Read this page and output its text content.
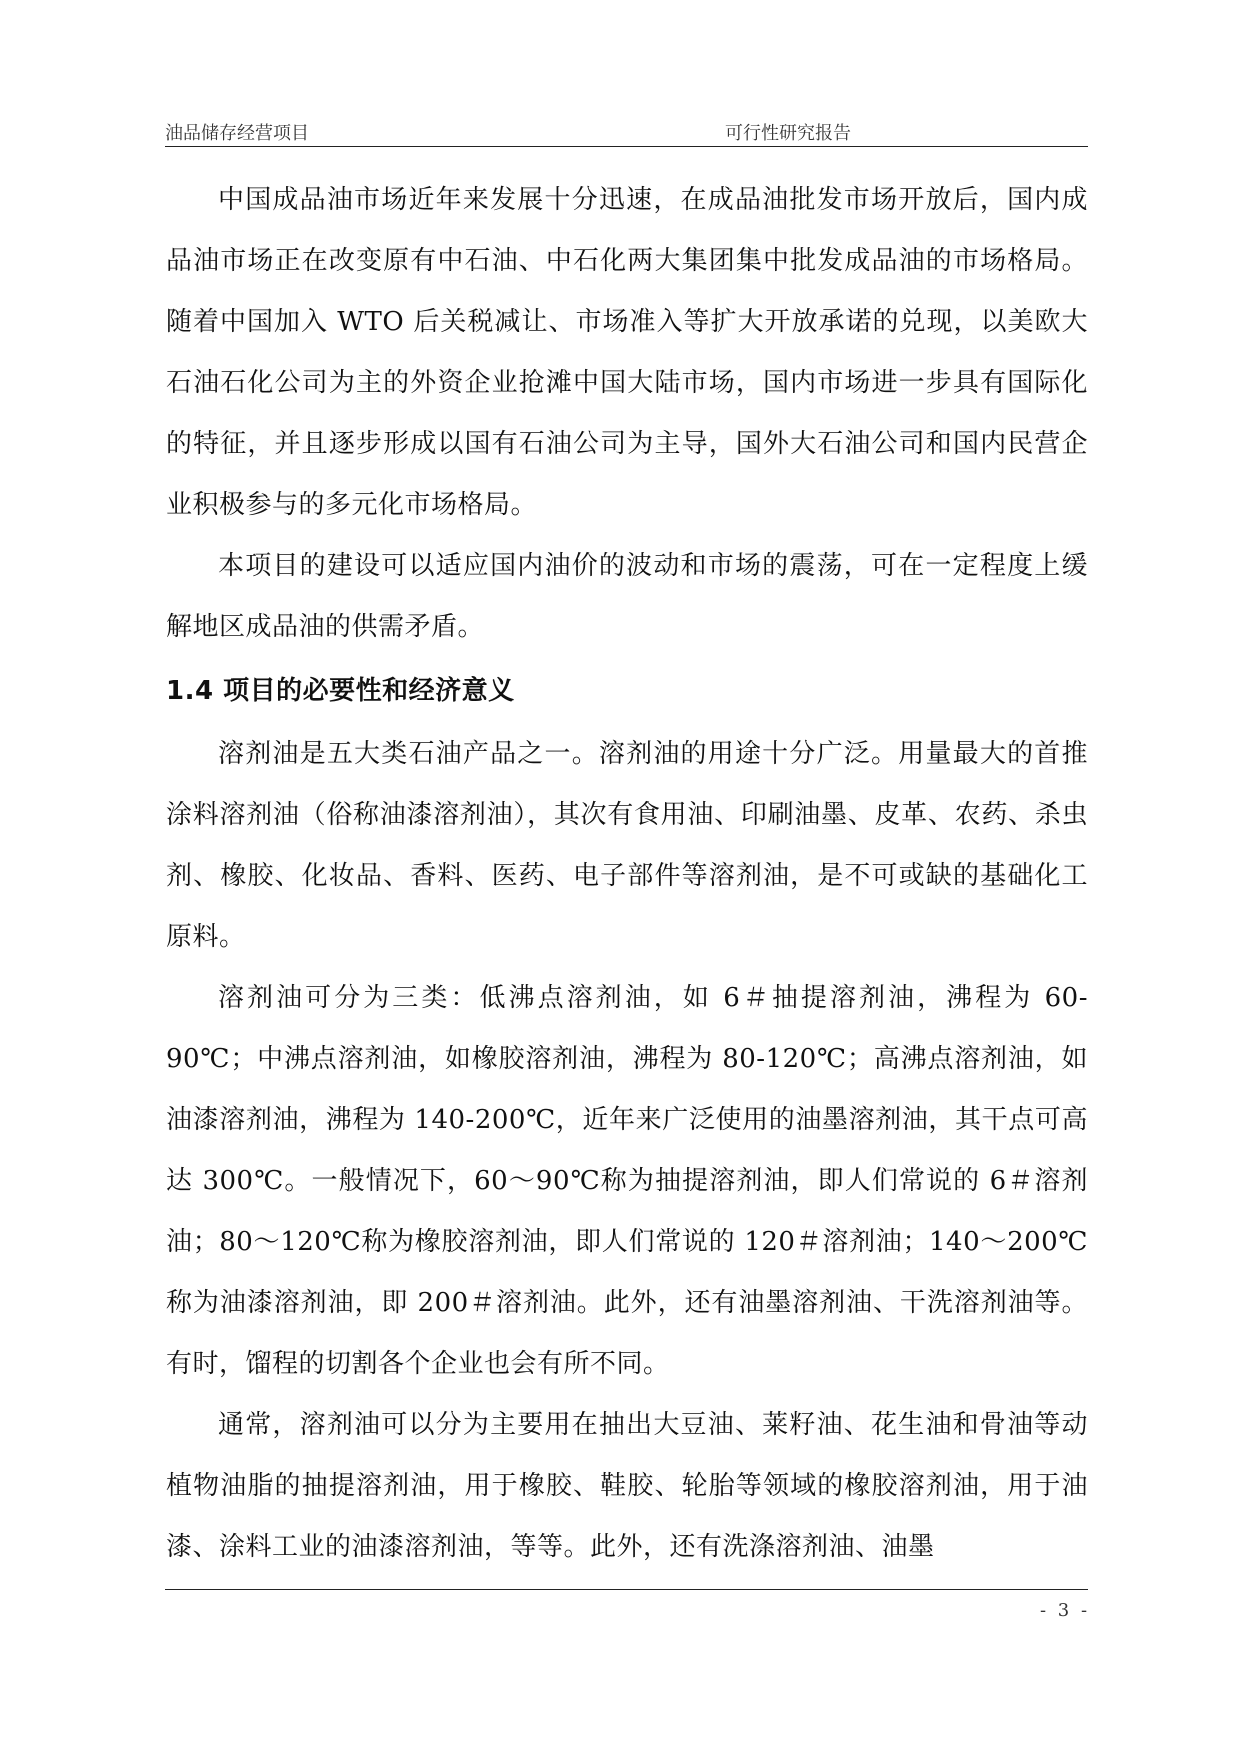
油品储存经营项目	可行性研究报告

中国成品油市场近年来发展十分迅速，在成品油批发市场开放后，国内成品油市场正在改变原有中石油、中石化两大集团集中批发成品油的市场格局。随着中国加入 WTO 后关税减让、市场准入等扩大开放承诺的兑现，以美欧大石油石化公司为主的外资企业抢滩中国大陆市场，国内市场进一步具有国际化的特征，并且逐步形成以国有石油公司为主导，国外大石油公司和国内民营企业积极参与的多元化市场格局。

本项目的建设可以适应国内油价的波动和市场的震荡，可在一定程度上缓解地区成品油的供需矛盾。

1.4 项目的必要性和经济意义

溶剂油是五大类石油产品之一。溶剂油的用途十分广泛。用量最大的首推涂料溶剂油（俗称油漆溶剂油），其次有食用油、印刷油墨、皮革、农药、杀虫剂、橡胶、化妆品、香料、医药、电子部件等溶剂油，是不可或缺的基础化工原料。

溶剂油可分为三类：低沸点溶剂油，如 6＃抽提溶剂油，沸程为 60-90℃；中沸点溶剂油，如橡胶溶剂油，沸程为 80-120℃；高沸点溶剂油，如油漆溶剂油，沸程为 140-200℃，近年来广泛使用的油墨溶剂油，其干点可高达 300℃。一般情况下，60～90℃称为抽提溶剂油，即人们常说的 6＃溶剂油；80～120℃称为橡胶溶剂油，即人们常说的 120＃溶剂油；140～200℃称为油漆溶剂油，即 200＃溶剂油。此外，还有油墨溶剂油、干洗溶剂油等。有时，馏程的切割各个企业也会有所不同。

通常，溶剂油可以分为主要用在抽出大豆油、莱籽油、花生油和骨油等动植物油脂的抽提溶剂油，用于橡胶、鞋胶、轮胎等领域的橡胶溶剂油，用于油漆、涂料工业的油漆溶剂油，等等。此外，还有洗涤溶剂油、油墨

- 3 -
